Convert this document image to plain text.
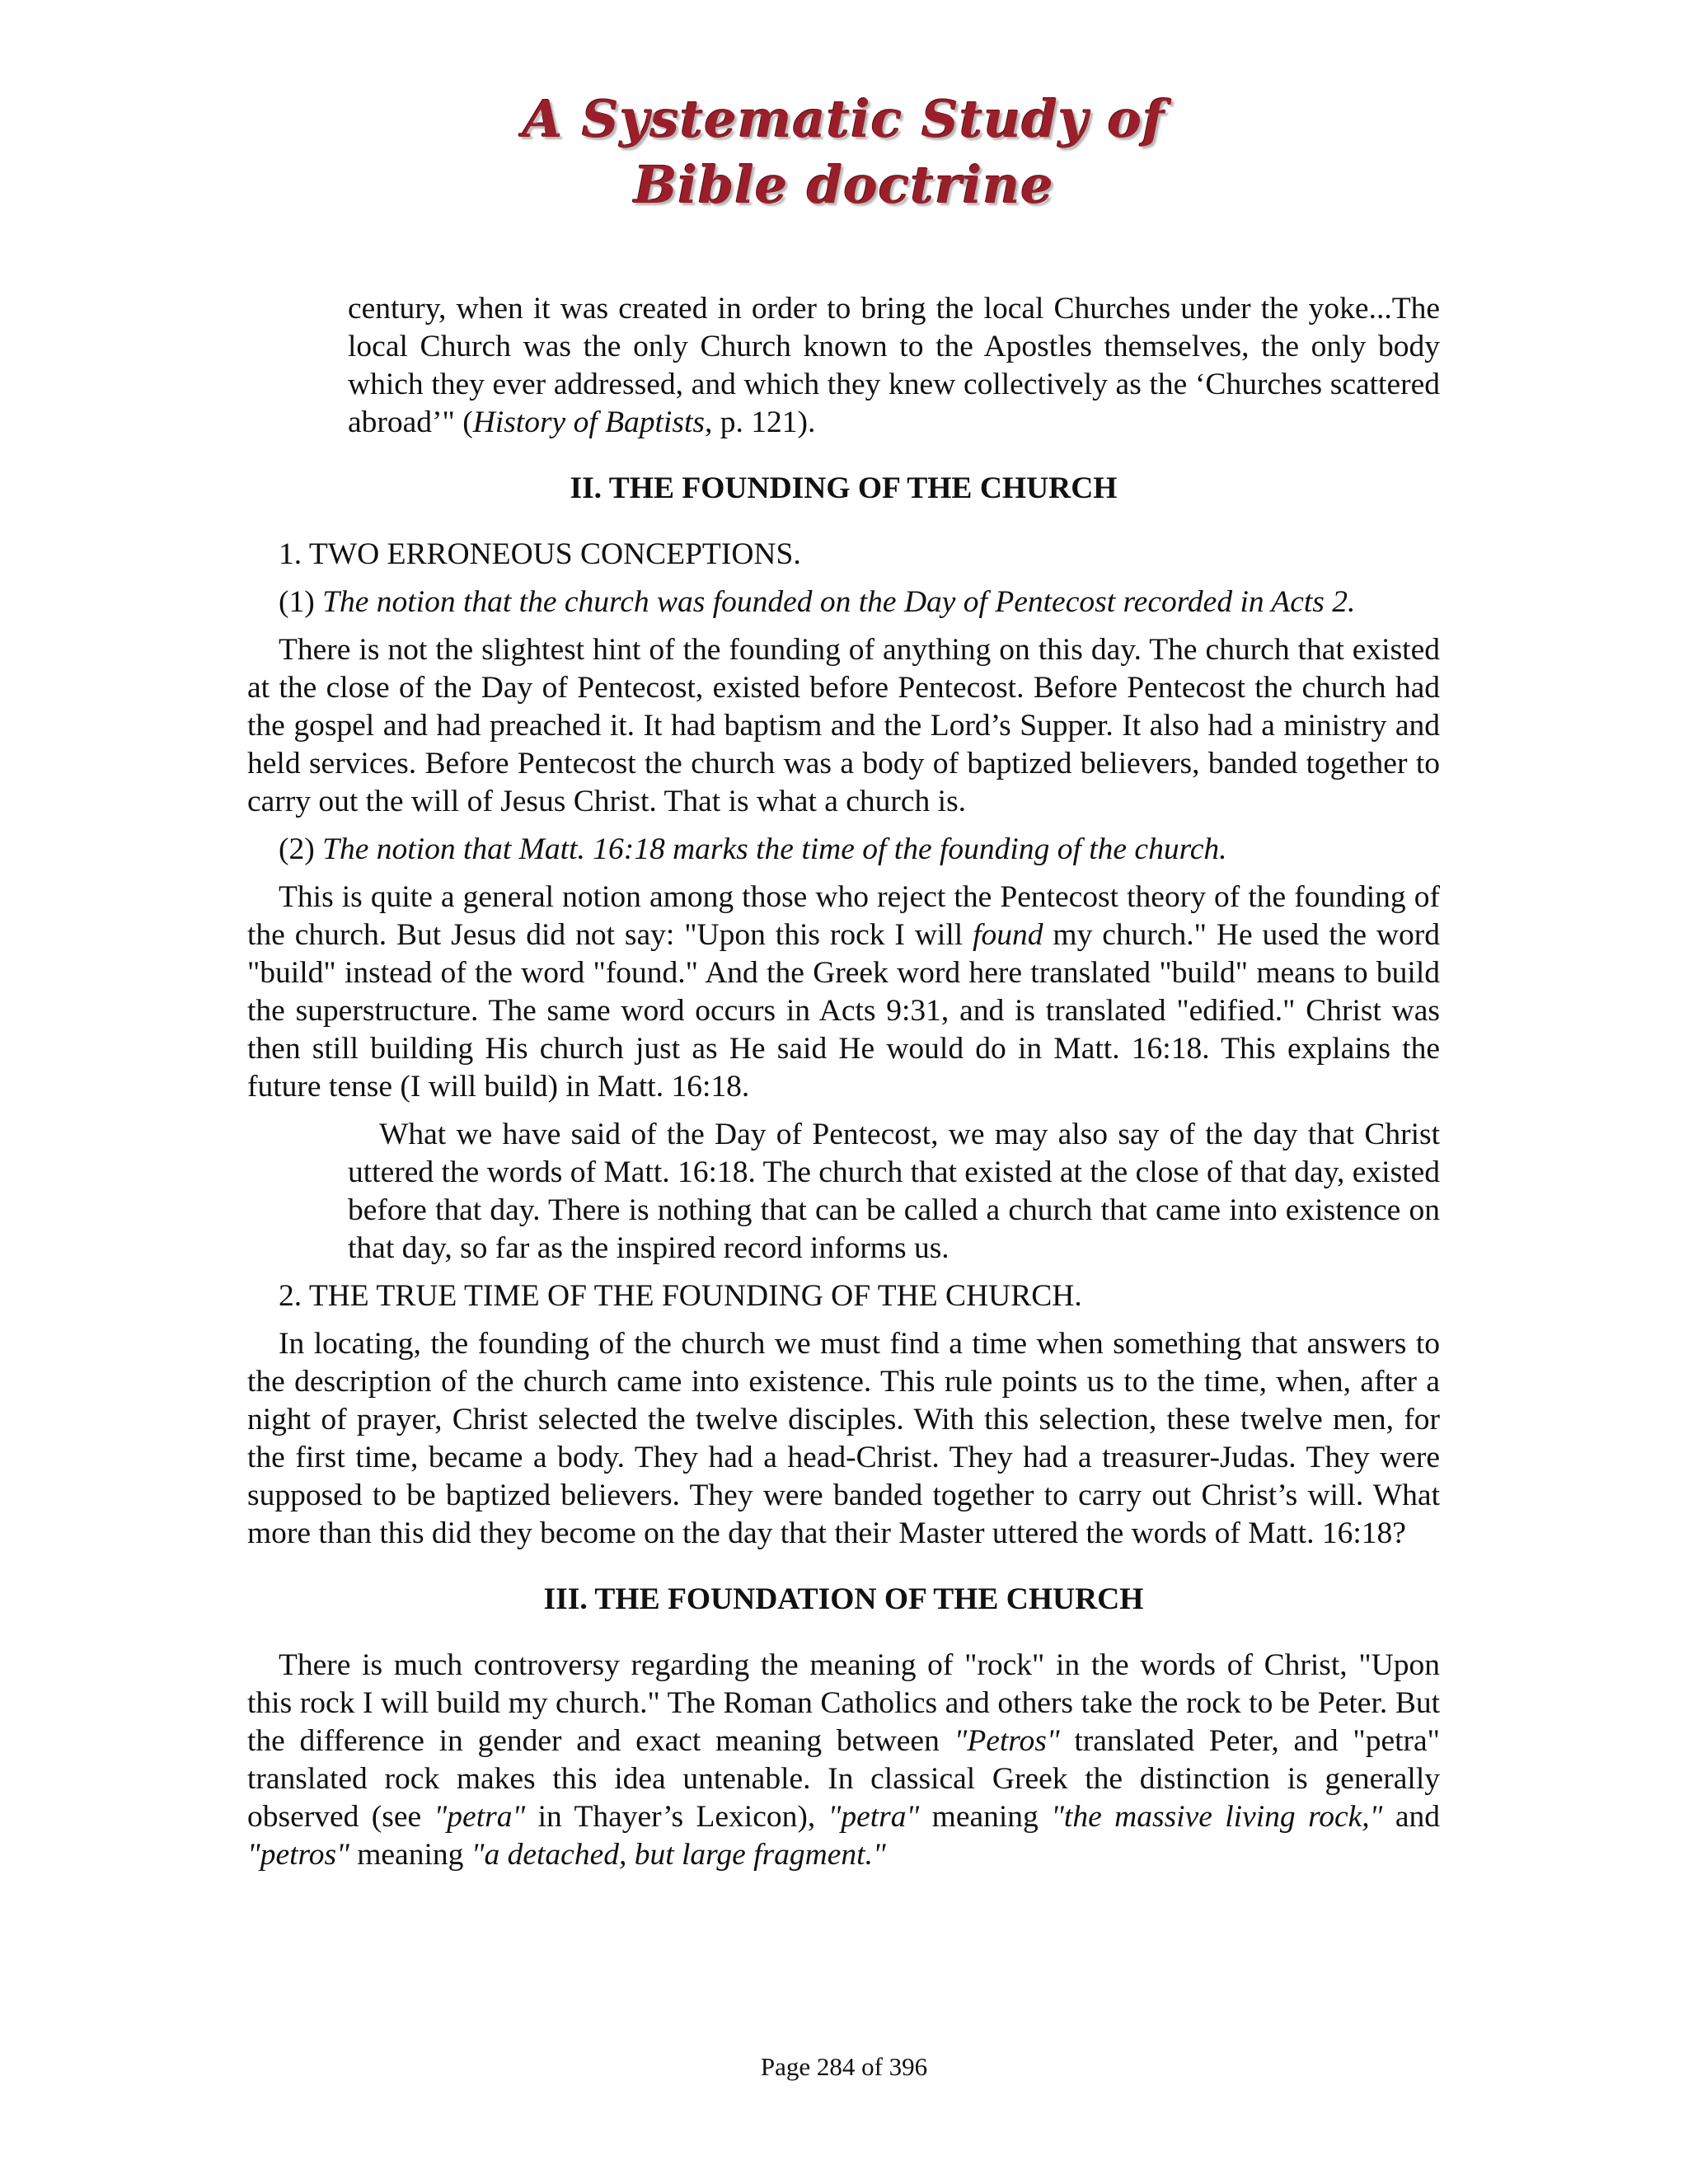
A Systematic Study of
Bible doctrine

century, when it was created in order to bring the local Churches under the yoke...The local Church was the only Church known to the Apostles themselves, the only body which they ever addressed, and which they knew collectively as the ‘Churches scattered abroad’" (History of Baptists, p. 121).

II. THE FOUNDING OF THE CHURCH

1. TWO ERRONEOUS CONCEPTIONS.

(1) The notion that the church was founded on the Day of Pentecost recorded in Acts 2.

There is not the slightest hint of the founding of anything on this day. The church that existed at the close of the Day of Pentecost, existed before Pentecost. Before Pentecost the church had the gospel and had preached it. It had baptism and the Lord’s Supper. It also had a ministry and held services. Before Pentecost the church was a body of baptized believers, banded together to carry out the will of Jesus Christ. That is what a church is.

(2) The notion that Matt. 16:18 marks the time of the founding of the church.

This is quite a general notion among those who reject the Pentecost theory of the founding of the church. But Jesus did not say: "Upon this rock I will found my church." He used the word "build" instead of the word "found." And the Greek word here translated "build" means to build the superstructure. The same word occurs in Acts 9:31, and is translated "edified." Christ was then still building His church just as He said He would do in Matt. 16:18. This explains the future tense (I will build) in Matt. 16:18.

What we have said of the Day of Pentecost, we may also say of the day that Christ uttered the words of Matt. 16:18. The church that existed at the close of that day, existed before that day. There is nothing that can be called a church that came into existence on that day, so far as the inspired record informs us.

2. THE TRUE TIME OF THE FOUNDING OF THE CHURCH.

In locating, the founding of the church we must find a time when something that answers to the description of the church came into existence. This rule points us to the time, when, after a night of prayer, Christ selected the twelve disciples. With this selection, these twelve men, for the first time, became a body. They had a head-Christ. They had a treasurer-Judas. They were supposed to be baptized believers. They were banded together to carry out Christ’s will. What more than this did they become on the day that their Master uttered the words of Matt. 16:18?

III. THE FOUNDATION OF THE CHURCH

There is much controversy regarding the meaning of "rock" in the words of Christ, "Upon this rock I will build my church." The Roman Catholics and others take the rock to be Peter. But the difference in gender and exact meaning between "Petros" translated Peter, and "petra" translated rock makes this idea untenable. In classical Greek the distinction is generally observed (see "petra" in Thayer’s Lexicon), "petra" meaning "the massive living rock," and "petros" meaning "a detached, but large fragment."

Page 284 of 396
